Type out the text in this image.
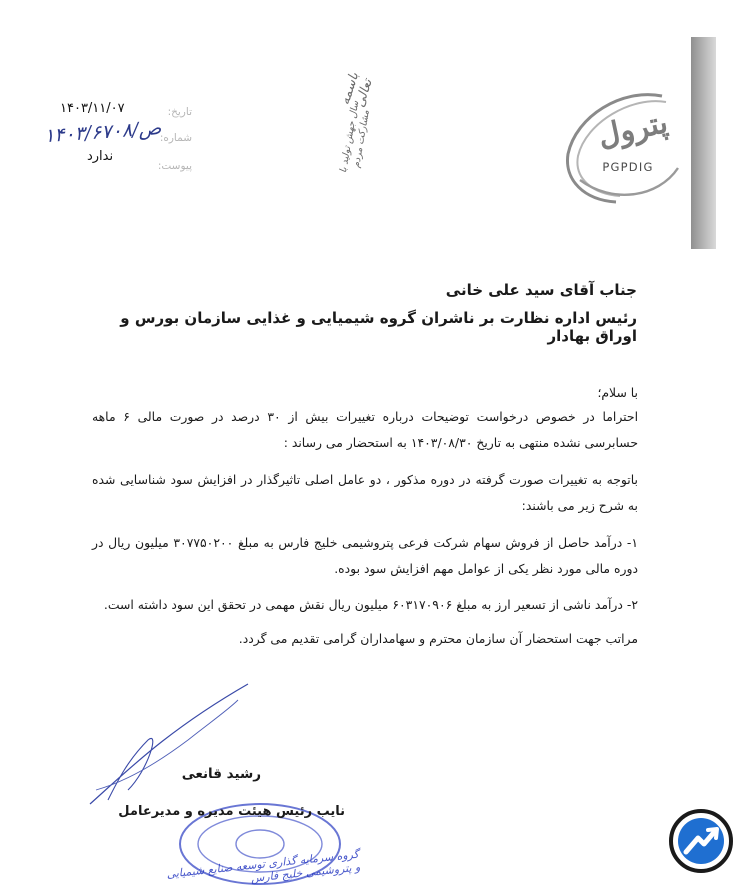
پترول
PGPDIG
باسمه تعالی
سال جهش تولید با مشارکت مردم
تاریخ:
شماره:
پیوست:
۱۴۰۳/۱۱/۰۷
۱۴۰۳/ص/۶۷۰۸
ندارد
جناب آقای سید علی خانی
رئیس اداره نظارت بر ناشران گروه شیمیایی و غذایی سازمان بورس و اوراق بهادار
با سلام؛
احتراما در خصوص درخواست توضیحات درباره تغییرات بیش از ۳۰ درصد در صورت مالی ۶ ماهه حسابرسی نشده منتهی به تاریخ ۱۴۰۳/۰۸/۳۰ به استحضار می رساند :
باتوجه به تغییرات صورت گرفته در دوره مذکور ، دو عامل اصلی تاثیرگذار در افزایش سود شناسایی شده به شرح زیر می باشند:
۱- درآمد حاصل از فروش سهام شرکت فرعی پتروشیمی خلیج فارس به مبلغ ۳۰۷۷۵۰۲۰۰ میلیون ریال در دوره مالی مورد نظر یکی از عوامل مهم افزایش سود بوده.
۲- درآمد ناشی از تسعیر ارز به مبلغ ۶۰۳۱۷۰۹۰۶ میلیون ریال نقش مهمی در تحقق این سود داشته است.
مراتب جهت استحضار آن سازمان محترم و سهامداران گرامی تقدیم می گردد.
گروه سرمایه گذاری توسعه صنایع شیمیایی و پتروشیمی خلیج فارس
رشید قانعی
نایب رئیس هیئت مدیره و مدیرعامل
